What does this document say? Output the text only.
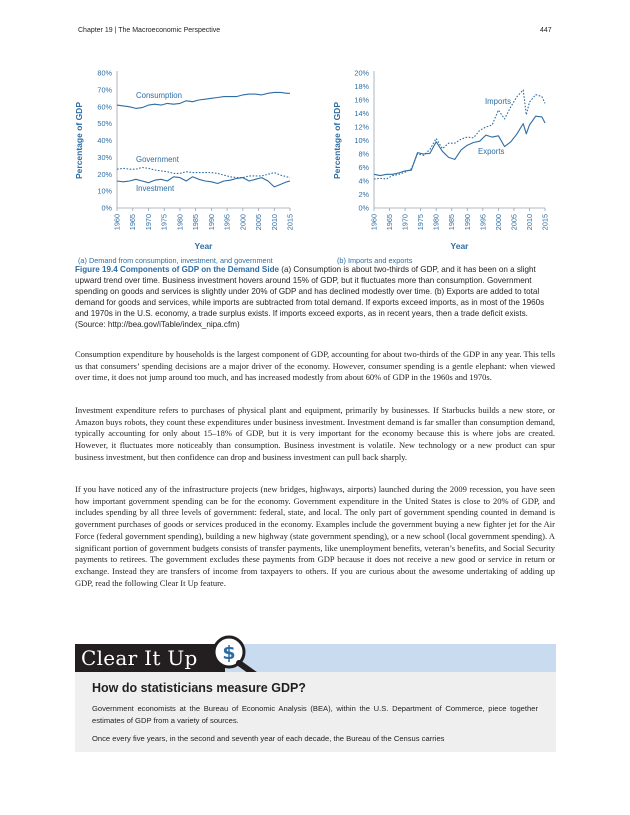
Chapter 19 | The Macroeconomic Perspective	447
0%
10%
20%
30%
40%
50%
60%
70%
80%
1960 1965 1970 1975 1980 1985 1990 1995 2000 2005 2010 2015
Year
Percentage of GDP
(a) Demand from consumption, investment, and government
Consumption
Government
Investment
0%
2%
4%
6%
8%
10%
12%
14%
16%
18%
20%
1960 1965 1970 1975 1980 1985 1990 1995 2000 2005 2010 2015
Year
Percentage of GDP
(b) Imports and exports
Imports
Exports
Figure 19.4 Components of GDP on the Demand Side (a) Consumption is about two-thirds of GDP, and it has been on a slight upward trend over time. Business investment hovers around 15% of GDP, but it fluctuates more than consumption. Government spending on goods and services is slightly under 20% of GDP and has declined modestly over time. (b) Exports are added to total demand for goods and services, while imports are subtracted from total demand. If exports exceed imports, as in most of the 1960s and 1970s in the U.S. economy, a trade surplus exists. If imports exceed exports, as in recent years, then a trade deficit exists. (Source: http://bea.gov/iTable/index_nipa.cfm)

Consumption expenditure by households is the largest component of GDP, accounting for about two-thirds of the GDP in any year. This tells us that consumers’ spending decisions are a major driver of the economy. However, consumer spending is a gentle elephant: when viewed over time, it does not jump around too much, and has increased modestly from about 60% of GDP in the 1960s and 1970s.

Investment expenditure refers to purchases of physical plant and equipment, primarily by businesses. If Starbucks builds a new store, or Amazon buys robots, they count these expenditures under business investment. Investment demand is far smaller than consumption demand, typically accounting for only about 15–18% of GDP, but it is very important for the economy because this is where jobs are created. However, it fluctuates more noticeably than consumption. Business investment is volatile. New technology or a new product can spur business investment, but then confidence can drop and business investment can pull back sharply.

If you have noticed any of the infrastructure projects (new bridges, highways, airports) launched during the 2009 recession, you have seen how important government spending can be for the economy. Government expenditure in the United States is close to 20% of GDP, and includes spending by all three levels of government: federal, state, and local. The only part of government spending counted in demand is government purchases of goods or services produced in the economy. Examples include the government buying a new fighter jet for the Air Force (federal government spending), building a new highway (state government spending), or a new school (local government spending). A significant portion of government budgets consists of transfer payments, like unemployment benefits, veteran’s benefits, and Social Security payments to retirees. The government excludes these payments from GDP because it does not receive a new good or service in return or exchange. Instead they are transfers of income from taxpayers to others. If you are curious about the awesome undertaking of adding up GDP, read the following Clear It Up feature.

Clear It Up $
How do statisticians measure GDP?

Government economists at the Bureau of Economic Analysis (BEA), within the U.S. Department of Commerce, piece together estimates of GDP from a variety of sources.

Once every five years, in the second and seventh year of each decade, the Bureau of the Census carries
